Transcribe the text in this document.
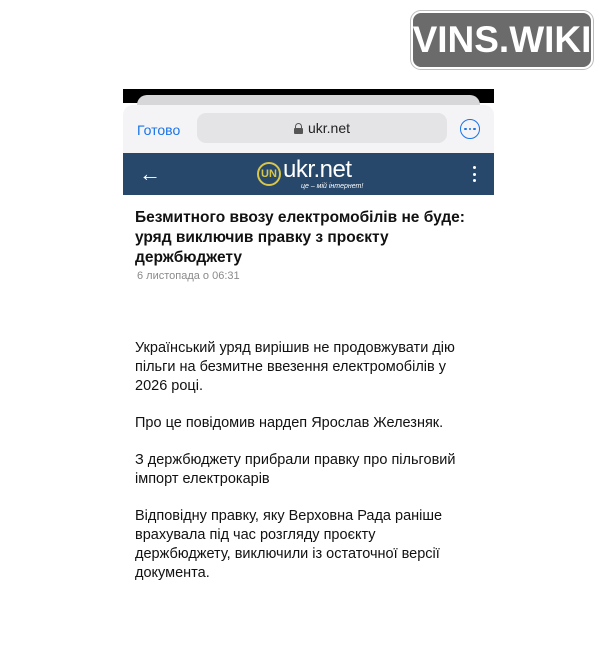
VINS.WIKI
Готово	ukr.net
←	UN ukr.net
це – мій інтернет!
Безмитного ввозу електромобілів не буде: уряд виключив правку з проєкту держбюджету
6 листопада о 06:31

Український уряд вирішив не продовжувати дію пільги на безмитне ввезення електромобілів у 2026 році.

Про це повідомив нардеп Ярослав Железняк.

З держбюджету прибрали правку про пільговий імпорт електрокарів

Відповідну правку, яку Верховна Рада раніше врахувала під час розгляду проєкту держбюджету, виключили із остаточної версії документа.
